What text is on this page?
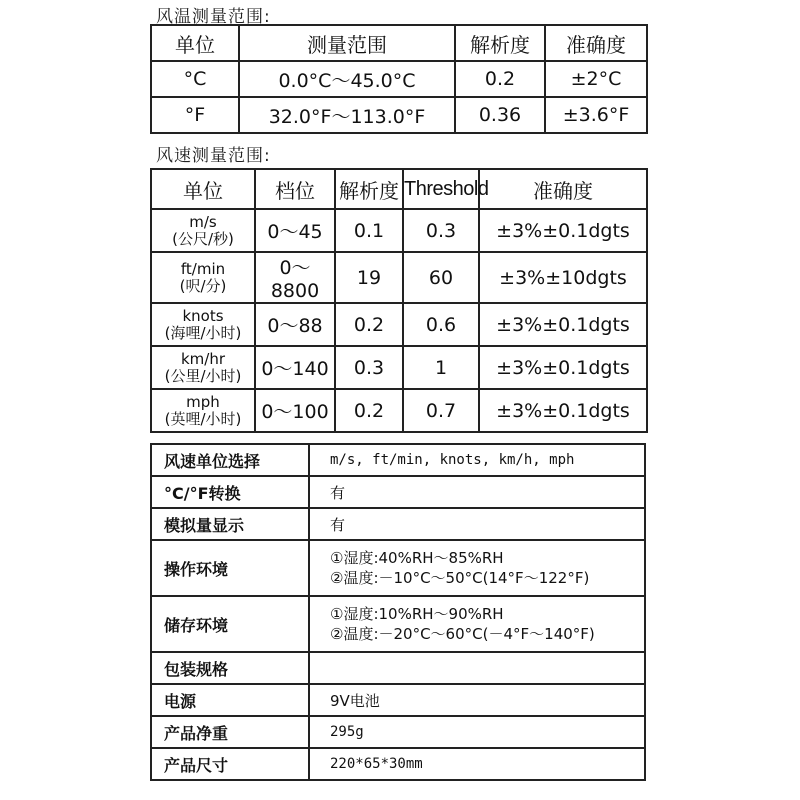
风温测量范围:
单位	测量范围	解析度	准确度
°C	0.0°C～45.0°C	0.2	±2°C
°F	32.0°F～113.0°F	0.36	±3.6°F
风速测量范围:
单位	档位	解析度	Threshold	准确度

m/s
(公尺/秒)	0～45	0.1	0.3	±3%±0.1dgts

ft/min
(呎/分)	0～8800	19	60	±3%±10dgts

knots
(海哩/小时)	0～88	0.2	0.6	±3%±0.1dgts

km/hr
(公里/小时)	0～140	0.3	1	±3%±0.1dgts

mph
(英哩/小时)	0～100	0.2	0.7	±3%±0.1dgts
风速单位选择	m/s, ft/min, knots, km/h, mph
°C/°F转换	有
模拟量显示	有
操作环境	①湿度:40%RH～85%RH
②温度:－10°C～50°C(14°F～122°F)

储存环境	①湿度:10%RH～90%RH
②温度:－20°C～60°C(－4°F～140°F)

包装规格	
电源	9V电池
产品净重	295g
产品尺寸	220*65*30mm
